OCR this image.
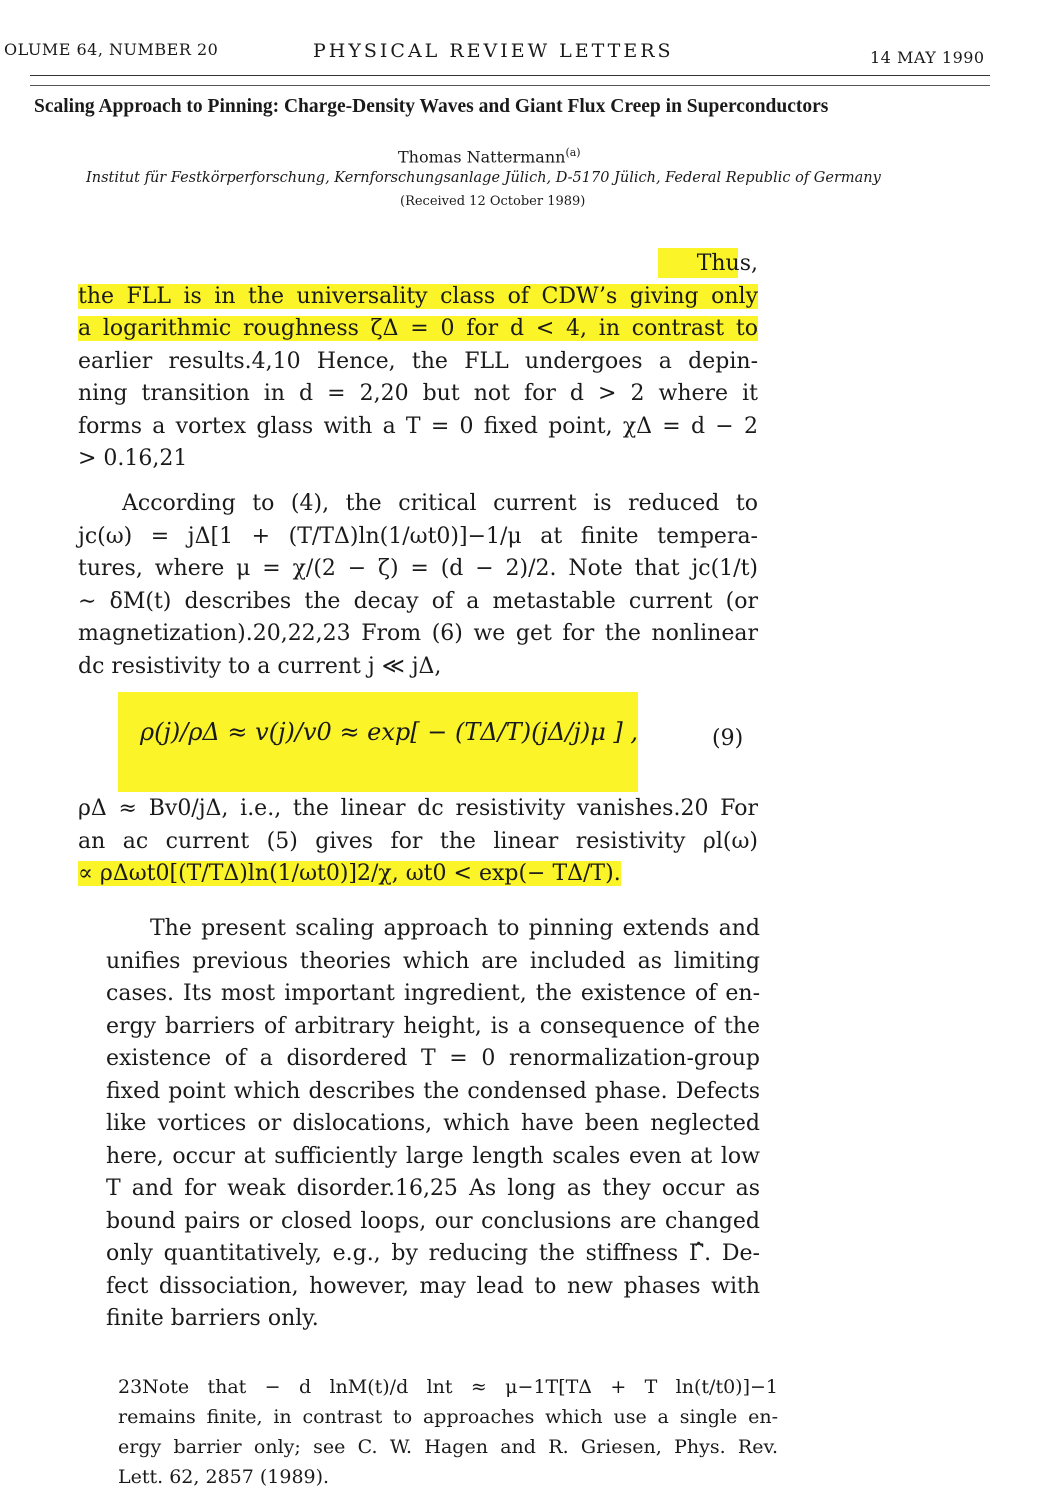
OLUME 64, NUMBER 20	PHYSICAL REVIEW LETTERS	14 MAY 1990
Scaling Approach to Pinning: Charge-Density Waves and Giant Flux Creep in Superconductors
Thomas Nattermann$^{(a)}$
Institut für Festkörperforschung, Kernforschungsanlage Jülich, D-5170 Jülich, Federal Republic of Germany
(Received 12 October 1989)
Thus,
the FLL is in the universality class of CDW’s giving only
a logarithmic roughness ζΔ = 0 for d < 4, in contrast to
earlier results.4,10 Hence, the FLL undergoes a depin-
ning transition in d = 2,20 but not for d > 2 where it
forms a vortex glass with a T = 0 fixed point, χΔ = d − 2
> 0.16,21
According to (4), the critical current is reduced to
jc(ω) = jΔ[1 + (T/TΔ)ln(1/ωt0)]−1/μ at finite tempera-
tures, where μ = χ/(2 − ζ) = (d − 2)/2. Note that jc(1/t)
∼ δM(t) describes the decay of a metastable current (or
magnetization).20,22,23 From (6) we get for the nonlinear
dc resistivity to a current j ≪ jΔ,
ρ(j)/ρΔ ≈ v(j)/v0 ≈ exp[ − (TΔ/T)(jΔ/j)μ ] ,	(9)
ρΔ ≈ Bv0/jΔ, i.e., the linear dc resistivity vanishes.20 For
an ac current (5) gives for the linear resistivity ρl(ω)
∝ ρΔωt0[(T/TΔ)ln(1/ωt0)]2/χ, ωt0 < exp(− TΔ/T).
The present scaling approach to pinning extends and
unifies previous theories which are included as limiting
cases. Its most important ingredient, the existence of en-
ergy barriers of arbitrary height, is a consequence of the
existence of a disordered T = 0 renormalization-group
fixed point which describes the condensed phase. Defects
like vortices or dislocations, which have been neglected
here, occur at sufficiently large length scales even at low
T and for weak disorder.16,25 As long as they occur as
bound pairs or closed loops, our conclusions are changed
only quantitatively, e.g., by reducing the stiffness Γ̂. De-
fect dissociation, however, may lead to new phases with
finite barriers only.
23Note that − d lnM(t)/d lnt ≈ μ−1T[TΔ + T ln(t/t0)]−1
remains finite, in contrast to approaches which use a single en-
ergy barrier only; see C. W. Hagen and R. Griesen, Phys. Rev.
Lett. 62, 2857 (1989).
